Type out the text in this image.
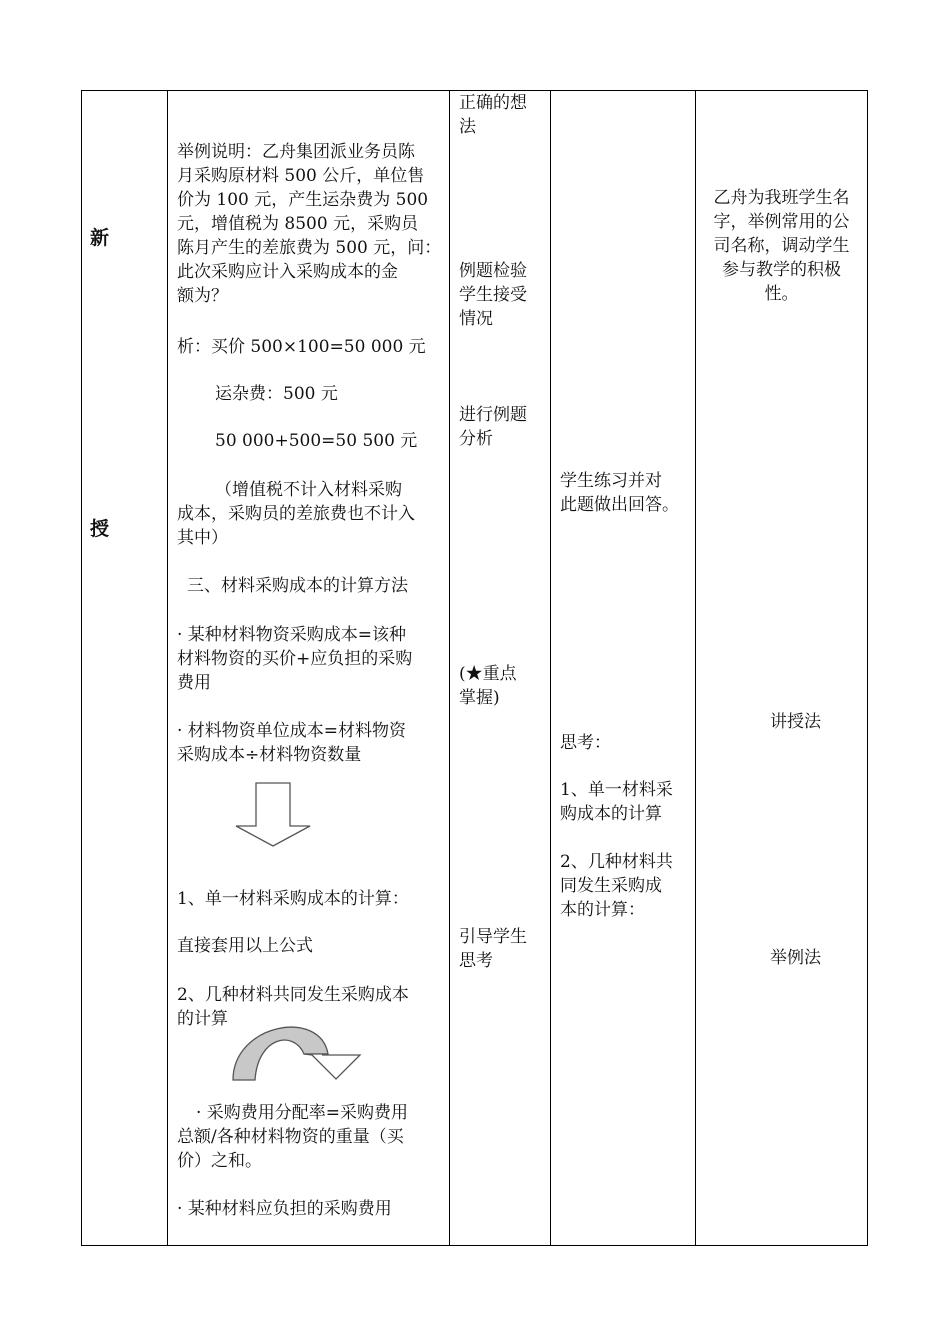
新
授
举例说明：乙舟集团派业务员陈
月采购原材料 500 公斤，单位售
价为 100 元，产生运杂费为 500
元，增值税为 8500 元，采购员
陈月产生的差旅费为 500 元，问：
此次采购应计入采购成本的金
额为？
析：买价 500×100=50 000 元
运杂费：500 元
50 000+500=50 500 元
（增值税不计入材料采购
成本，采购员的差旅费也不计入
其中）
三、材料采购成本的计算方法
· 某种材料物资采购成本=该种
材料物资的买价+应负担的采购
费用
· 材料物资单位成本=材料物资
采购成本÷材料物资数量
1、单一材料采购成本的计算：
直接套用以上公式
2、几种材料共同发生采购成本
的计算
· 采购费用分配率=采购费用
总额/各种材料物资的重量（买
价）之和。
· 某种材料应负担的采购费用
正确的想
法
例题检验
学生接受
情况
进行例题
分析
(★重点
掌握)
引导学生
思考
学生练习并对
此题做出回答。
思考：
1、单一材料采
购成本的计算
2、几种材料共
同发生采购成
本的计算：
乙舟为我班学生名
字，举例常用的公
司名称，调动学生
参与教学的积极
性。
讲授法
举例法
